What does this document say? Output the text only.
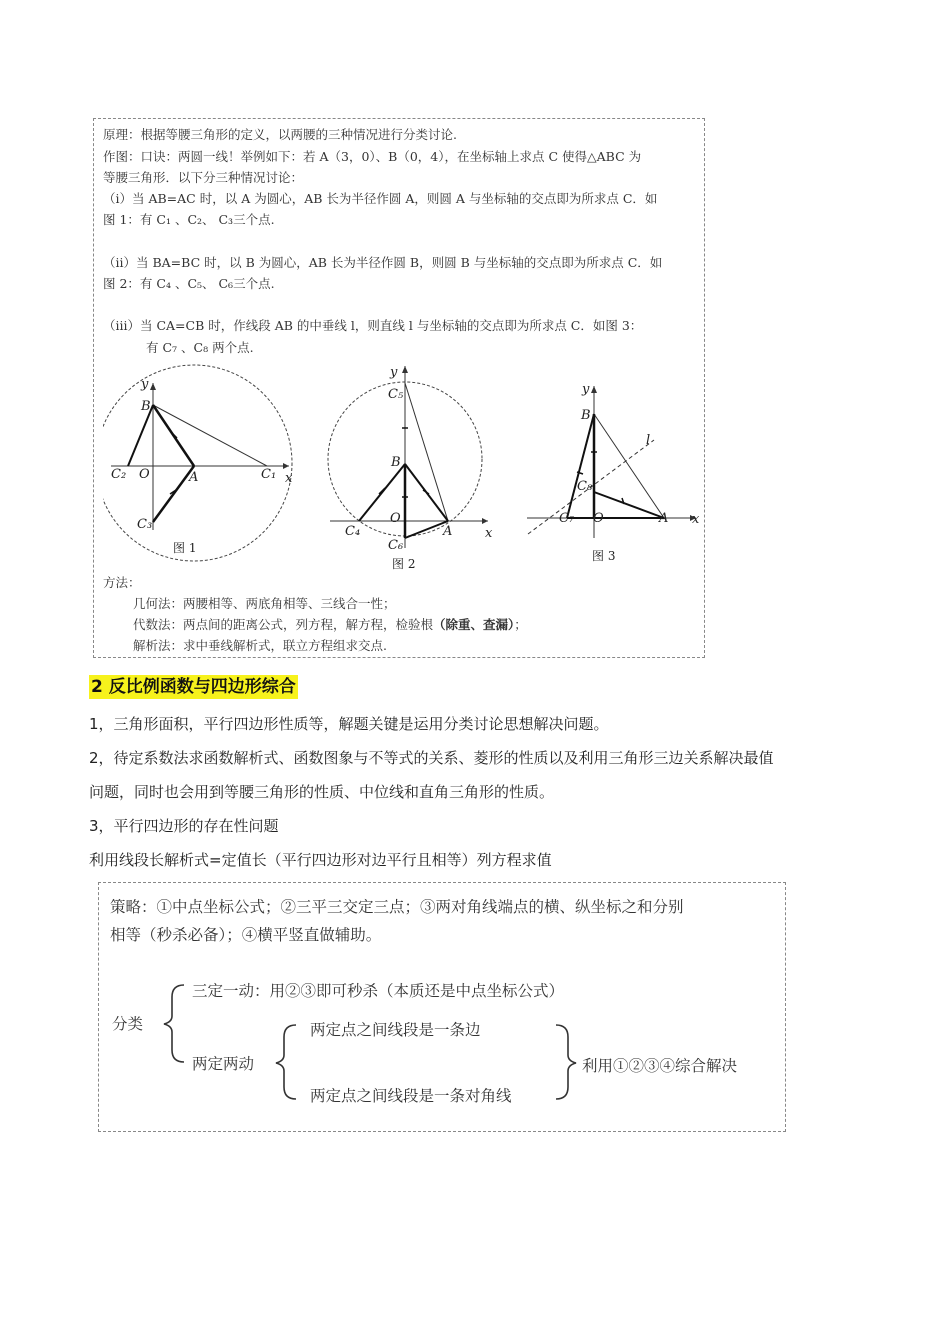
原理：根据等腰三角形的定义，以两腰的三种情况进行分类讨论.
作图：口诀：两圆一线！举例如下：若 A（3，0）、B（0，4），在坐标轴上求点 C 使得△ABC 为
等腰三角形．以下分三种情况讨论：
（i）当 AB=AC 时，以 A 为圆心，AB 长为半径作圆 A，则圆 A 与坐标轴的交点即为所求点 C．如
图 1：有 C₁ 、C₂、 C₃三个点.
（ii）当 BA=BC 时，以 B 为圆心，AB 长为半径作圆 B，则圆 B 与坐标轴的交点即为所求点 C．如
图 2：有 C₄ 、C₅、 C₆三个点.
（iii）当 CA=CB 时，作线段 AB 的中垂线 l，则直线 l 与坐标轴的交点即为所求点 C．如图 3：
有 C₇ 、C₈ 两个点.
y
x
B
C₂ O	A	C₁
C₃
图 1
y
x
C₅
B
O
C₄	A
C₆
图 2
y
x
B
l
C₈
C₇ O	A
图 3
方法：
几何法：两腰相等、两底角相等、三线合一性；
代数法：两点间的距离公式，列方程，解方程，检验根（除重、查漏）；
解析法：求中垂线解析式，联立方程组求交点.
2 反比例函数与四边形综合
1，三角形面积，平行四边形性质等，解题关键是运用分类讨论思想解决问题。
2，待定系数法求函数解析式、函数图象与不等式的关系、菱形的性质以及利用三角形三边关系解决最值
问题，同时也会用到等腰三角形的性质、中位线和直角三角形的性质。
3，平行四边形的存在性问题
利用线段长解析式=定值长（平行四边形对边平行且相等）列方程求值
策略：①中点坐标公式；②三平三交定三点；③两对角线端点的横、纵坐标之和分别
相等（秒杀必备）；④横平竖直做辅助。
分类
三定一动：用②③即可秒杀（本质还是中点坐标公式）
两定两动
两定点之间线段是一条边
两定点之间线段是一条对角线
利用①②③④综合解决
